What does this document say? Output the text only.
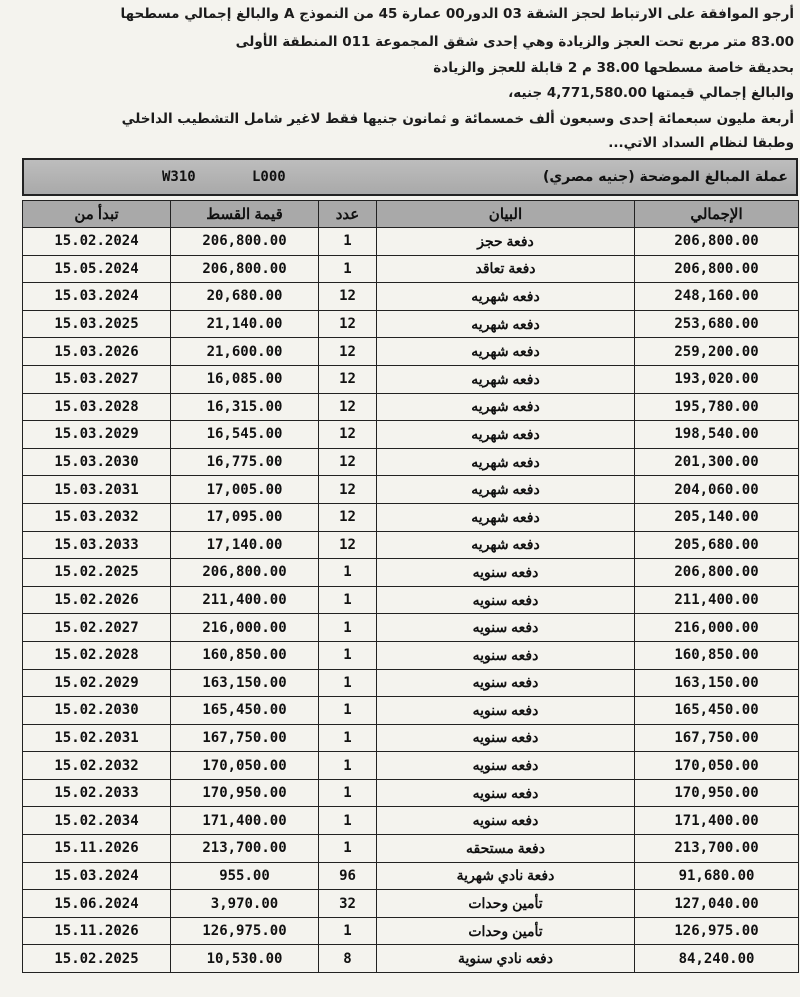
أرجو الموافقة على الارتباط لحجز الشقة 03 الدور00 عمارة 45 من النموذج A والبالغ إجمالي مسطحها
83.00 متر مربع تحت العجز والزيادة وهي إحدى شقق المجموعة 011 المنطقة الأولى
بحديقة خاصة مسطحها 38.00 م 2 قابلة للعجز والزيادة
والبالغ إجمالي قيمتها 4,771,580.00 جنيه،
أربعة مليون سبعمائة إحدى وسبعون ألف خمسمائة و ثمانون جنيها فقط لاغير شامل التشطيب الداخلي
وطبقا لنظام السداد الاتي...
W310	L000	عملة المبالغ الموضحة (جنيه مصري)
تبدأ من	قيمة القسط	عدد	البيان	الإجمالي
15.02.2024	206,800.00	1	دفعة حجز	206,800.00
15.05.2024	206,800.00	1	دفعة تعاقد	206,800.00
15.03.2024	20,680.00	12	دفعه شهريه	248,160.00
15.03.2025	21,140.00	12	دفعه شهريه	253,680.00
15.03.2026	21,600.00	12	دفعه شهريه	259,200.00
15.03.2027	16,085.00	12	دفعه شهريه	193,020.00
15.03.2028	16,315.00	12	دفعه شهريه	195,780.00
15.03.2029	16,545.00	12	دفعه شهريه	198,540.00
15.03.2030	16,775.00	12	دفعه شهريه	201,300.00
15.03.2031	17,005.00	12	دفعه شهريه	204,060.00
15.03.2032	17,095.00	12	دفعه شهريه	205,140.00
15.03.2033	17,140.00	12	دفعه شهريه	205,680.00
15.02.2025	206,800.00	1	دفعه سنويه	206,800.00
15.02.2026	211,400.00	1	دفعه سنويه	211,400.00
15.02.2027	216,000.00	1	دفعه سنويه	216,000.00
15.02.2028	160,850.00	1	دفعه سنويه	160,850.00
15.02.2029	163,150.00	1	دفعه سنويه	163,150.00
15.02.2030	165,450.00	1	دفعه سنويه	165,450.00
15.02.2031	167,750.00	1	دفعه سنويه	167,750.00
15.02.2032	170,050.00	1	دفعه سنويه	170,050.00
15.02.2033	170,950.00	1	دفعه سنويه	170,950.00
15.02.2034	171,400.00	1	دفعه سنويه	171,400.00
15.11.2026	213,700.00	1	دفعة مستحقه	213,700.00
15.03.2024	955.00	96	دفعة نادي شهرية	91,680.00
15.06.2024	3,970.00	32	تأمين وحدات	127,040.00
15.11.2026	126,975.00	1	تأمين وحدات	126,975.00
15.02.2025	10,530.00	8	دفعه نادي سنوية	84,240.00
